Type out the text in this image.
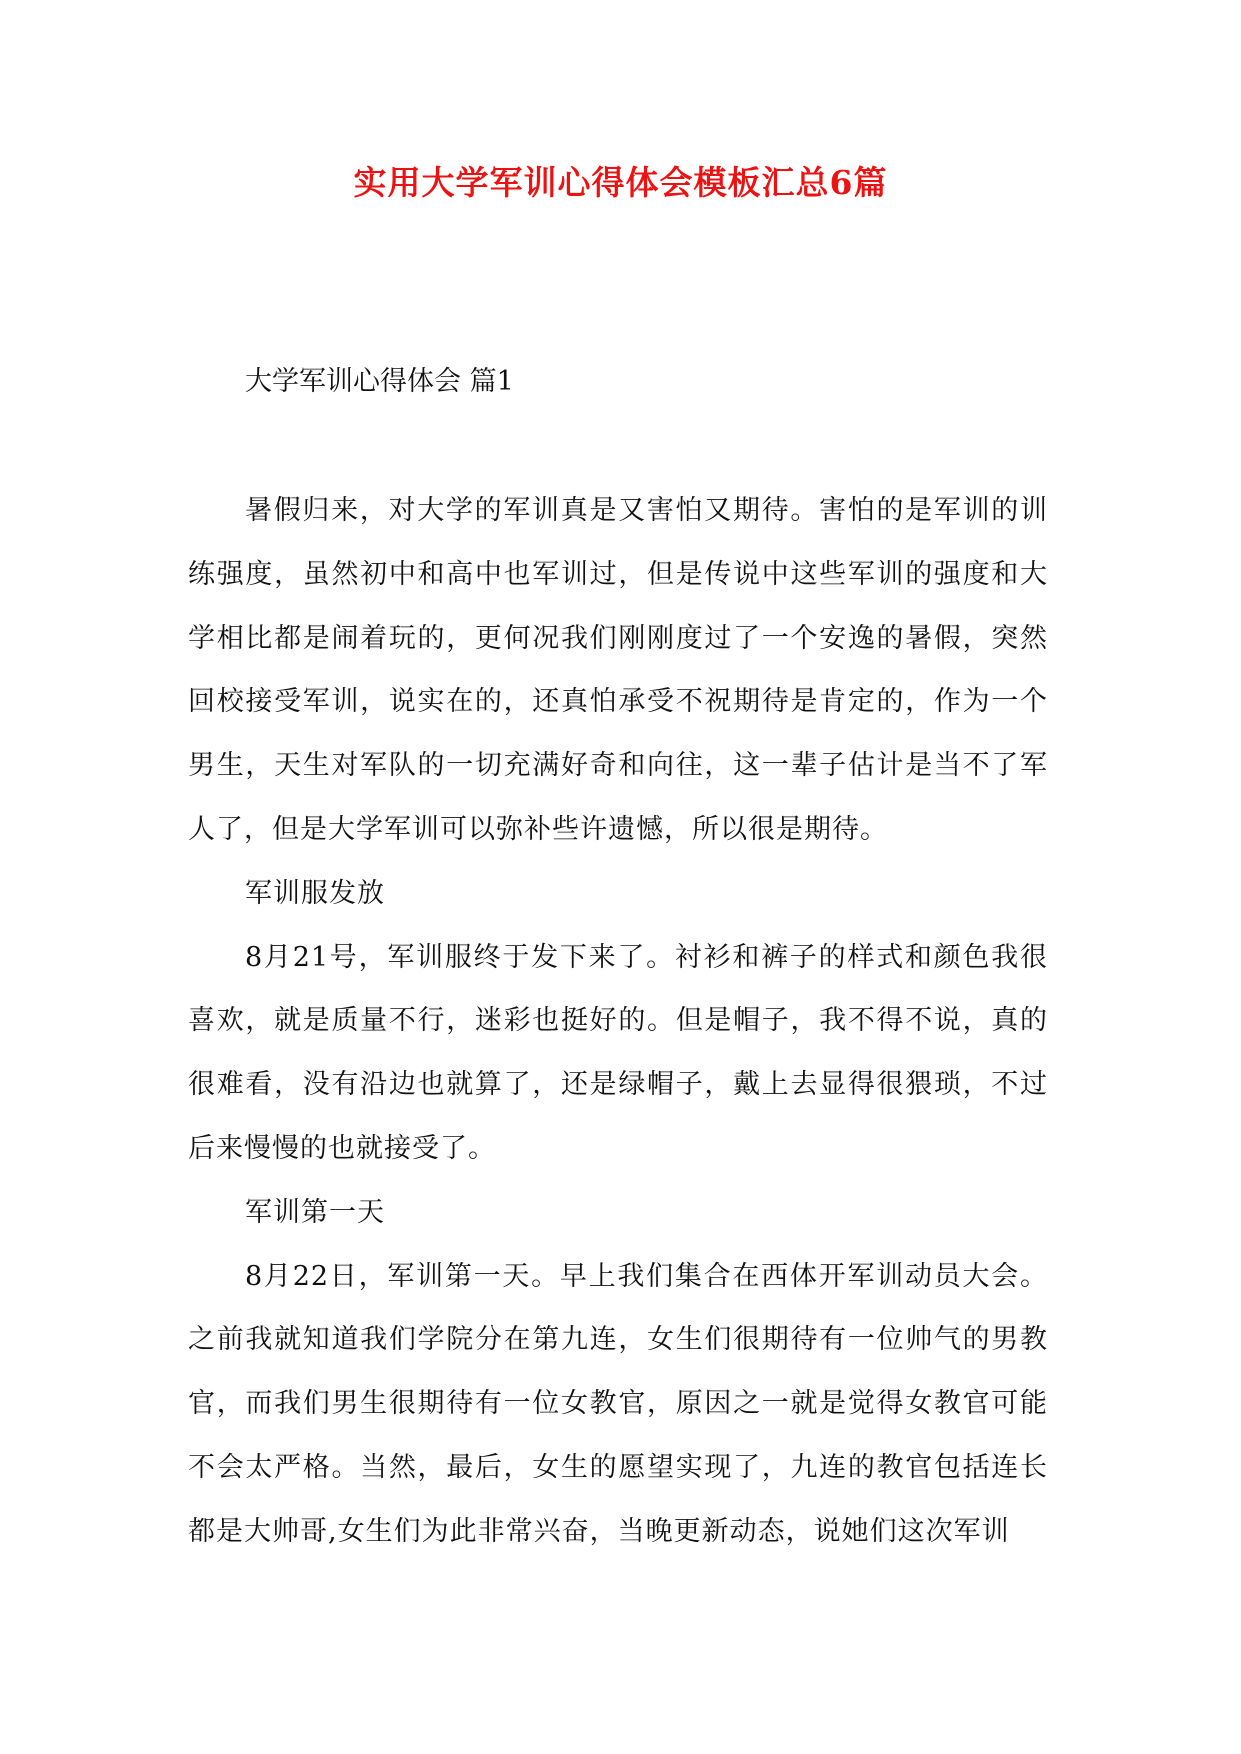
实用大学军训心得体会模板汇总6篇
大学军训心得体会 篇1

暑假归来，对大学的军训真是又害怕又期待。害怕的是军训的训练强度，虽然初中和高中也军训过，但是传说中这些军训的强度和大学相比都是闹着玩的，更何况我们刚刚度过了一个安逸的暑假，突然回校接受军训，说实在的，还真怕承受不祝期待是肯定的，作为一个男生，天生对军队的一切充满好奇和向往，这一辈子估计是当不了军人了，但是大学军训可以弥补些许遗憾，所以很是期待。

军训服发放

8月21号，军训服终于发下来了。衬衫和裤子的样式和颜色我很喜欢，就是质量不行，迷彩也挺好的。但是帽子，我不得不说，真的很难看，没有沿边也就算了，还是绿帽子，戴上去显得很猥琐，不过后来慢慢的也就接受了。

军训第一天

8月22日，军训第一天。早上我们集合在西体开军训动员大会。之前我就知道我们学院分在第九连，女生们很期待有一位帅气的男教官，而我们男生很期待有一位女教官，原因之一就是觉得女教官可能不会太严格。当然，最后，女生的愿望实现了，九连的教官包括连长都是大帅哥,女生们为此非常兴奋，当晚更新动态，说她们这次军训
